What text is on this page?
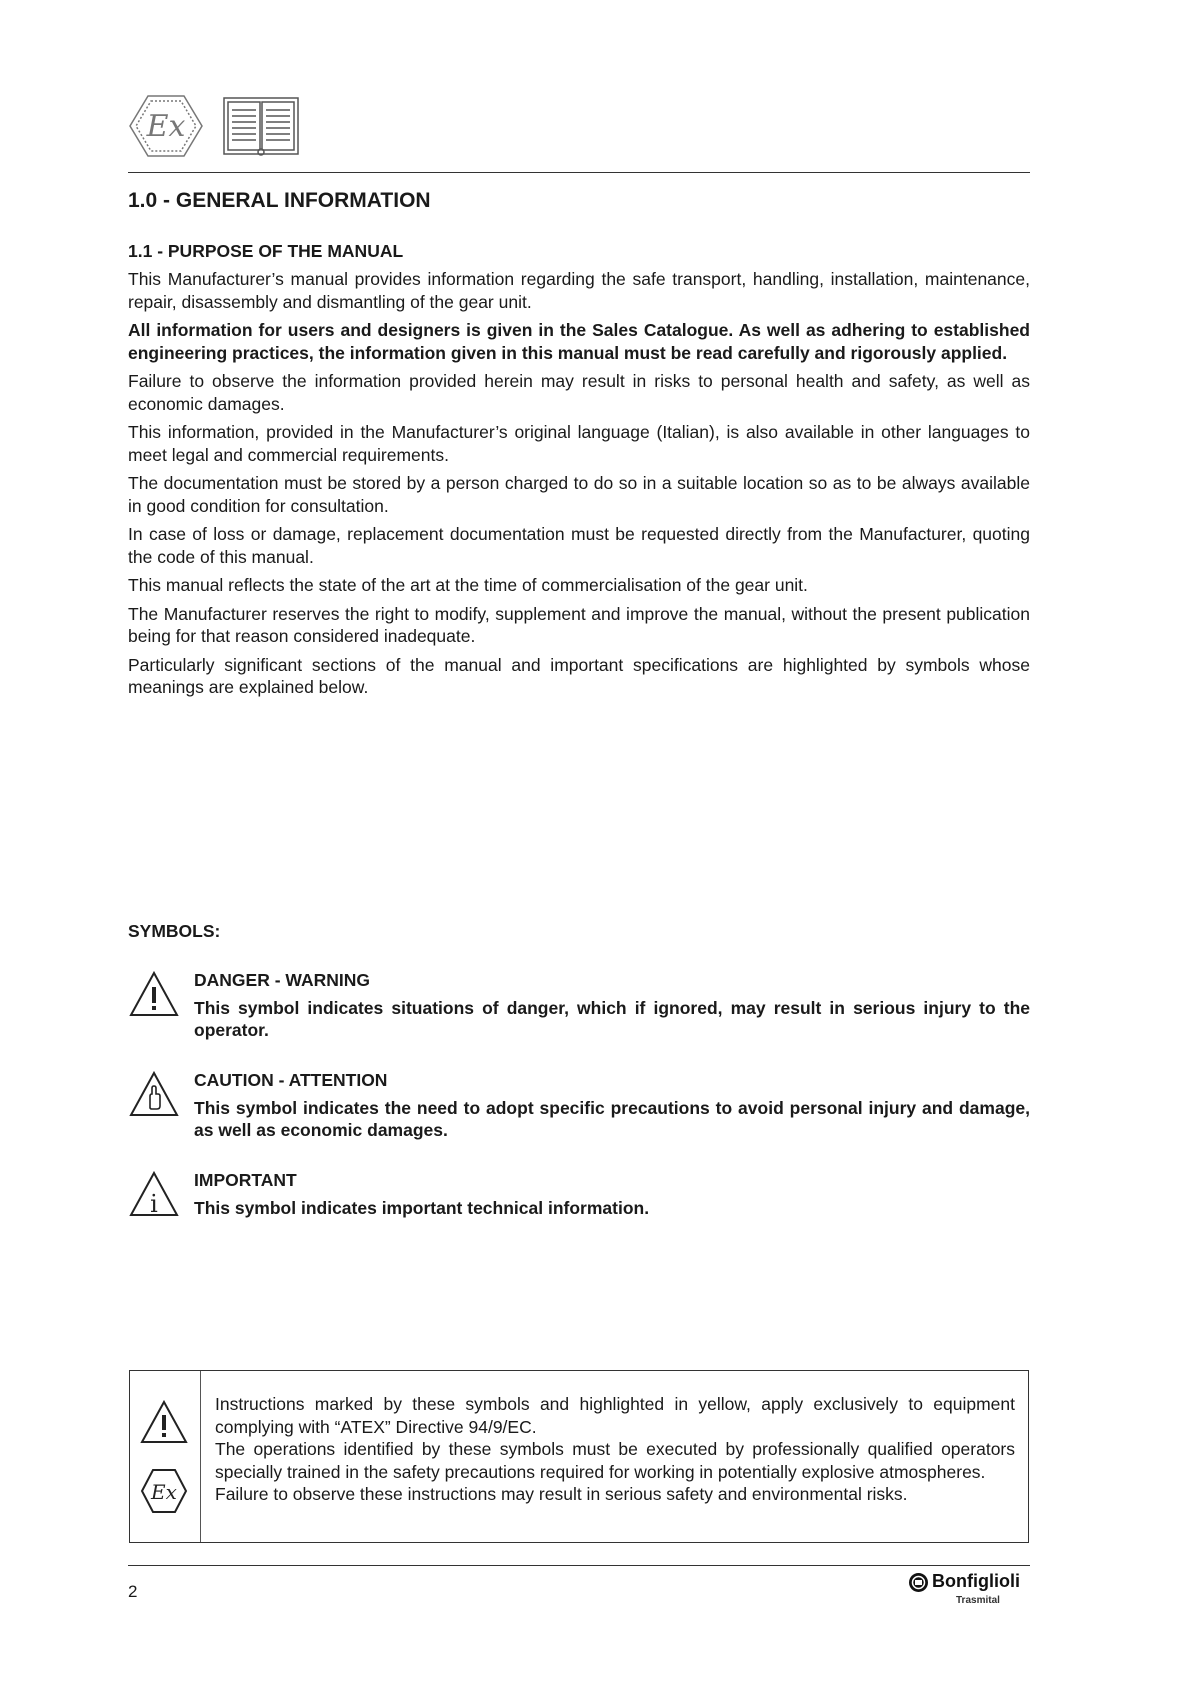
Ex
1.0 - GENERAL INFORMATION
1.1 - PURPOSE OF THE MANUAL

This Manufacturer’s manual provides information regarding the safe transport, handling, installation, maintenance, repair, disassembly and dismantling of the gear unit.

All information for users and designers is given in the Sales Catalogue. As well as adhering to established engineering practices, the information given in this manual must be read carefully and rigorously applied.

Failure to observe the information provided herein may result in risks to personal health and safety, as well as economic damages.

This information, provided in the Manufacturer’s original language (Italian), is also available in other languages to meet legal and commercial requirements.

The documentation must be stored by a person charged to do so in a suitable location so as to be always available in good condition for consultation.

In case of loss or damage, replacement documentation must be requested directly from the Manufacturer, quoting the code of this manual.

This manual reflects the state of the art at the time of commercialisation of the gear unit.

The Manufacturer reserves the right to modify, supplement and improve the manual, without the present publication being for that reason considered inadequate.

Particularly significant sections of the manual and important specifications are highlighted by symbols whose meanings are explained below.

SYMBOLS:
DANGER - WARNING
This symbol indicates situations of danger, which if ignored, may result in serious injury to the operator.
CAUTION - ATTENTION
This symbol indicates the need to adopt specific precautions to avoid personal injury and damage, as well as economic damages.
i
IMPORTANT
This symbol indicates important technical information.
Ex
Instructions marked by these symbols and highlighted in yellow, apply exclusively to equipment complying with “ATEX” Directive 94/9/EC.
The operations identified by these symbols must be executed by professionally qualified operators specially trained in the safety precautions required for working in potentially explosive atmospheres.
Failure to observe these instructions may result in serious safety and environmental risks.
2
Bonfiglioli
Trasmital
